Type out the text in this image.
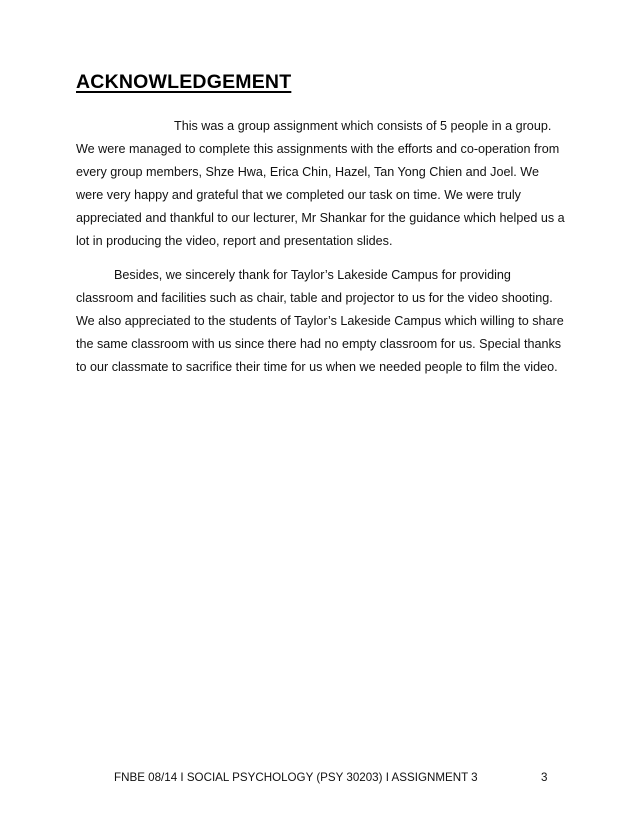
ACKNOWLEDGEMENT

This was a group assignment which consists of 5 people in a group.

We were managed to complete this assignments with the efforts and co-operation from

every group members, Shze Hwa, Erica Chin, Hazel, Tan Yong Chien and Joel. We

were very happy and grateful that we completed our task on time. We were truly

appreciated and thankful to our lecturer, Mr Shankar for the guidance which helped us a

lot in producing the video, report and presentation slides.

Besides, we sincerely thank for Taylor’s Lakeside Campus for providing

classroom and facilities such as chair, table and projector to us for the video shooting.

We also appreciated to the students of Taylor’s Lakeside Campus which willing to share

the same classroom with us since there had no empty classroom for us. Special thanks

to our classmate to sacrifice their time for us when we needed people to film the video.

FNBE 08/14 I SOCIAL PSYCHOLOGY (PSY 30203) I ASSIGNMENT 3	3
